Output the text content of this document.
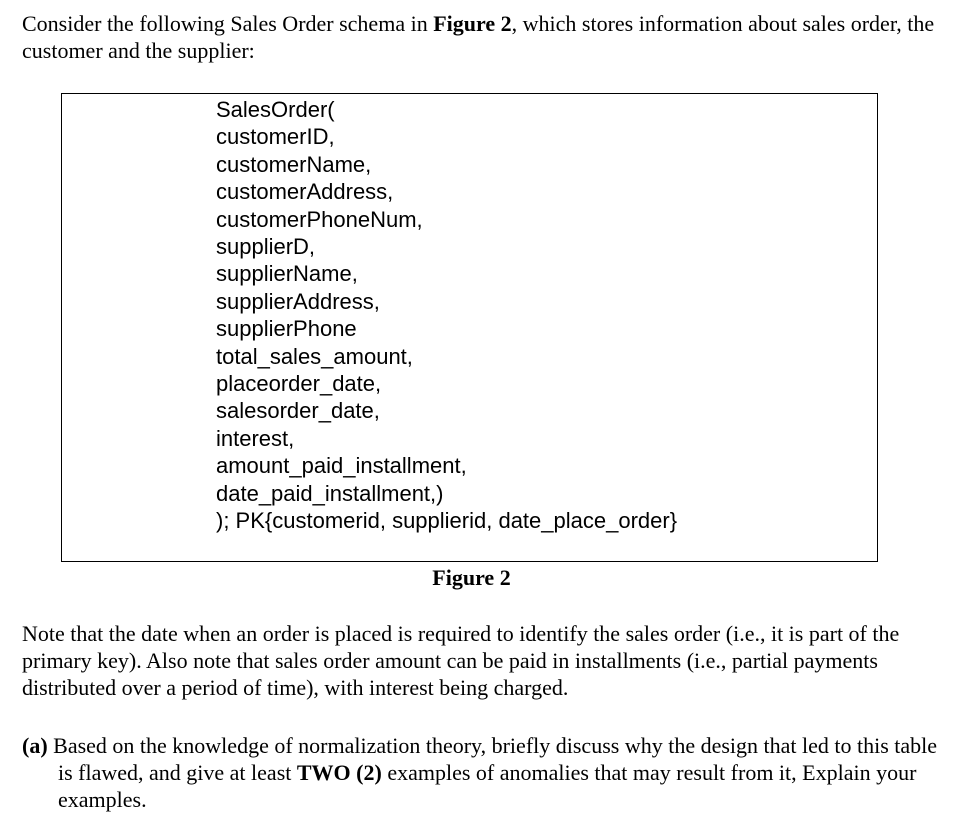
Consider the following Sales Order schema in Figure 2, which stores information about sales order, the customer and the supplier:

SalesOrder(
customerID,
customerName,
customerAddress,
customerPhoneNum,
supplierD,
supplierName,
supplierAddress,
supplierPhone
total_sales_amount,
placeorder_date,
salesorder_date,
interest,
amount_paid_installment,
date_paid_installment,)
); PK{customerid, supplierid, date_place_order}

Figure 2

Note that the date when an order is placed is required to identify the sales order (i.e., it is part of the primary key). Also note that sales order amount can be paid in installments (i.e., partial payments distributed over a period of time), with interest being charged.

(a) Based on the knowledge of normalization theory, briefly discuss why the design that led to this table is flawed, and give at least TWO (2) examples of anomalies that may result from it, Explain your examples.
